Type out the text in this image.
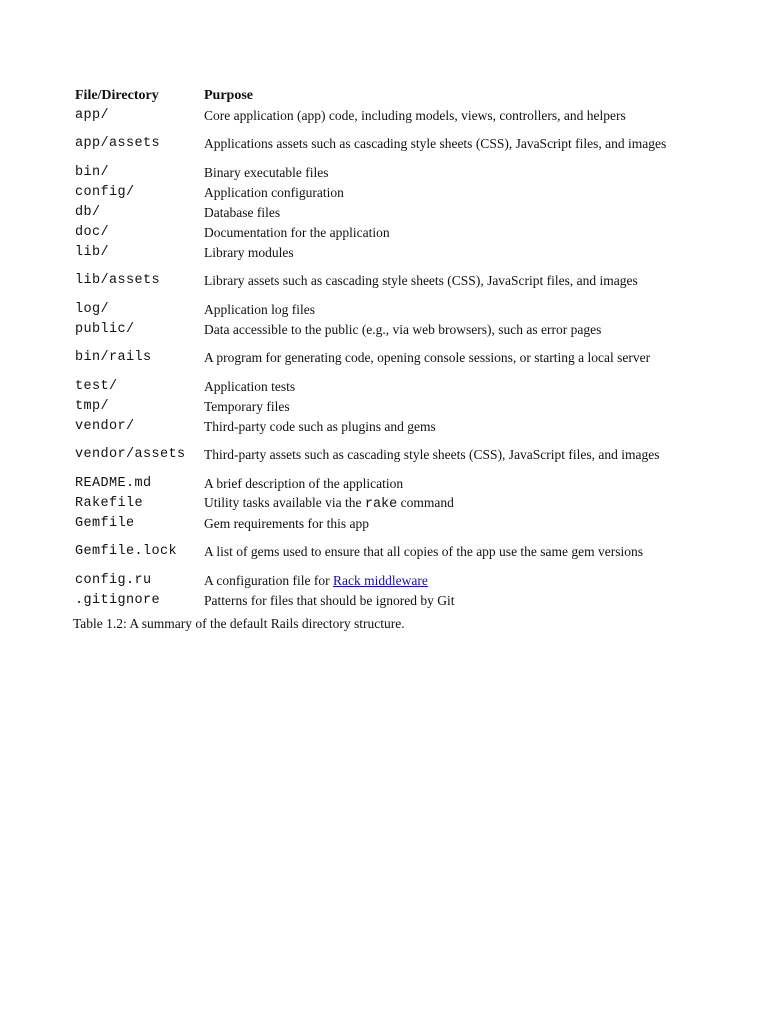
File/Directory	Purpose
app/	Core application (app) code, including models, views, controllers, and helpers
app/assets	Applications assets such as cascading style sheets (CSS), JavaScript files, and images
bin/	Binary executable files
config/	Application configuration
db/	Database files
doc/	Documentation for the application
lib/	Library modules
lib/assets	Library assets such as cascading style sheets (CSS), JavaScript files, and images
log/	Application log files
public/	Data accessible to the public (e.g., via web browsers), such as error pages
bin/rails	A program for generating code, opening console sessions, or starting a local server
test/	Application tests
tmp/	Temporary files
vendor/	Third-party code such as plugins and gems
vendor/assets	Third-party assets such as cascading style sheets (CSS), JavaScript files, and images
README.md	A brief description of the application
Rakefile	Utility tasks available via the rake command
Gemfile	Gem requirements for this app
Gemfile.lock	A list of gems used to ensure that all copies of the app use the same gem versions
config.ru	A configuration file for Rack middleware
.gitignore	Patterns for files that should be ignored by Git
Table 1.2: A summary of the default Rails directory structure.
